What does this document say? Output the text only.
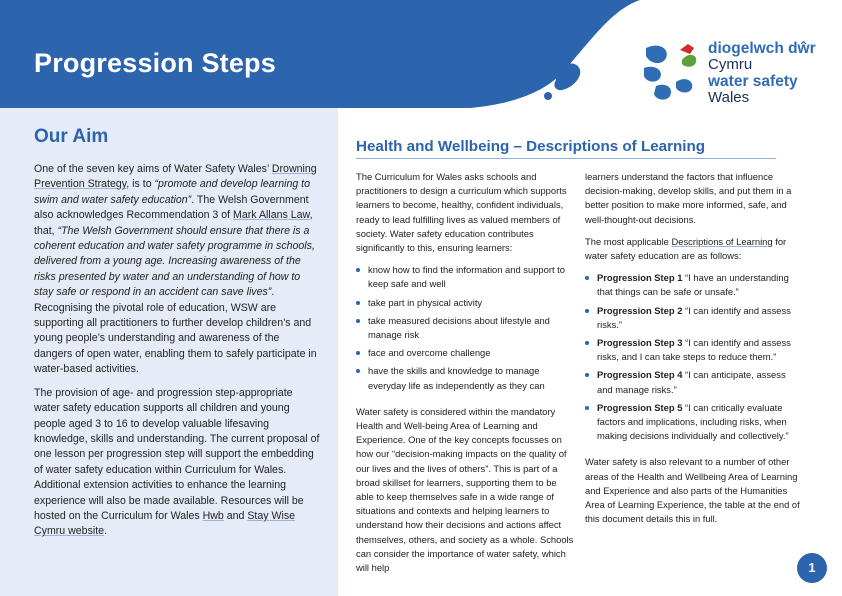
Progression Steps	diogelwch dŵr
Cymru
water safety
Wales
Our Aim

One of the seven key aims of Water Safety Wales’ Drowning Prevention Strategy, is to “promote and develop learning to swim and water safety education”. The Welsh Government also acknowledges Recommendation 3 of Mark Allans Law, that, “The Welsh Government should ensure that there is a coherent education and water safety programme in schools, delivered from a young age. Increasing awareness of the risks presented by water and an understanding of how to stay safe or respond in an accident can save lives”. Recognising the pivotal role of education, WSW are supporting all practitioners to further develop children’s and young people’s understanding and awareness of the dangers of open water, enabling them to safely participate in water-based activities.

The provision of age- and progression step-appropriate water safety education supports all children and young people aged 3 to 16 to develop valuable lifesaving knowledge, skills and understanding. The current proposal of one lesson per progression step will support the embedding of water safety education within Curriculum for Wales. Additional extension activities to enhance the learning experience will also be made available. Resources will be hosted on the Curriculum for Wales Hwb and Stay Wise Cymru website.

Health and Wellbeing – Descriptions of Learning

The Curriculum for Wales asks schools and practitioners to design a curriculum which supports learners to become, healthy, confident individuals, ready to lead fulfilling lives as valued members of society. Water safety education contributes significantly to this, ensuring learners:

know how to find the information and support to keep safe and well
take part in physical activity
take measured decisions about lifestyle and manage risk
face and overcome challenge
have the skills and knowledge to manage everyday life as independently as they can

Water safety is considered within the mandatory Health and Well-being Area of Learning and Experience. One of the key concepts focusses on how our “decision-making impacts on the quality of our lives and the lives of others”. This is part of a broad skillset for learners, supporting them to be able to keep themselves safe in a wide range of situations and contexts and helping learners to understand how their decisions and actions affect themselves, others, and society as a whole. Schools can consider the importance of water safety, which will help

learners understand the factors that influence decision-making, develop skills, and put them in a better position to make more informed, safe, and well-thought-out decisions.

The most applicable Descriptions of Learning for water safety education are as follows:

Progression Step 1 “I have an understanding that things can be safe or unsafe.”
Progression Step 2 “I can identify and assess risks.”
Progression Step 3 “I can identify and assess risks, and I can take steps to reduce them.”
Progression Step 4 “I can anticipate, assess and manage risks.”
Progression Step 5 “I can critically evaluate factors and implications, including risks, when making decisions individually and collectively.”

Water safety is also relevant to a number of other areas of the Health and Wellbeing Area of Learning and Experience and also parts of the Humanities Area of Learning Experience, the table at the end of this document details this in full.

1
